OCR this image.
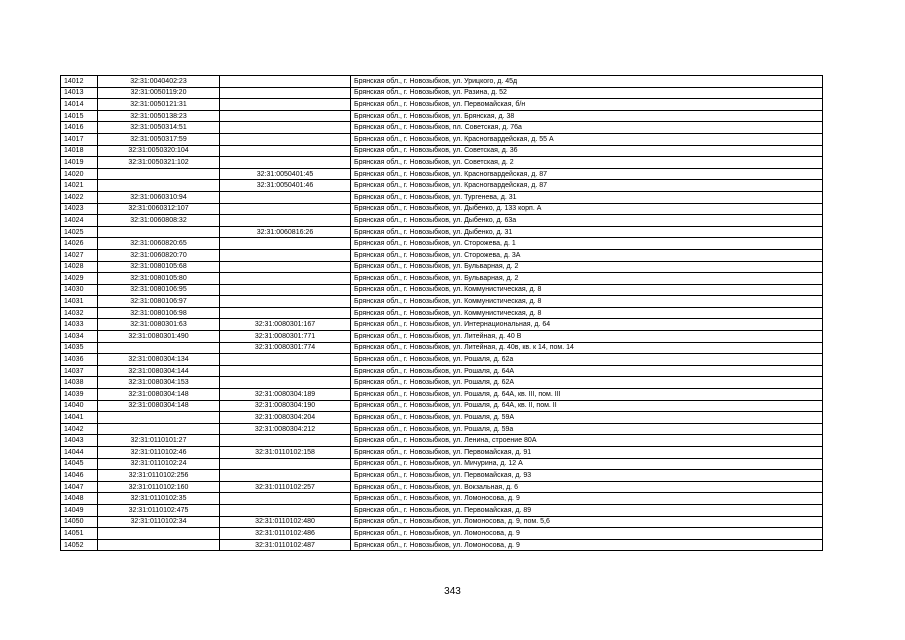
14012	32:31:0040402:23		Брянская обл., г. Новозыбков, ул. Урицкого, д. 45д
14013	32:31:0050119:20		Брянская обл., г. Новозыбков, ул. Разина, д. 52
14014	32:31:0050121:31		Брянская обл., г. Новозыбков, ул. Первомайская, б/н
14015	32:31:0050138:23		Брянская обл., г. Новозыбков, ул. Брянская, д. 38
14016	32:31:0050314:51		Брянская обл., г. Новозыбков, пл. Советская, д. 76а
14017	32:31:0050317:59		Брянская обл., г. Новозыбков, ул. Красногвардейская, д. 55 А
14018	32:31:0050320:104		Брянская обл., г. Новозыбков, ул. Советская, д. 36
14019	32:31:0050321:102		Брянская обл., г. Новозыбков, ул. Советская, д. 2
14020		32:31:0050401:45	Брянская обл., г. Новозыбков, ул. Красногвардейская, д. 87
14021		32:31:0050401:46	Брянская обл., г. Новозыбков, ул. Красногвардейская, д. 87
14022	32:31:0060310:94		Брянская обл., г. Новозыбков, ул. Тургенева, д. 31
14023	32:31:0060312:107		Брянская обл., г. Новозыбков, ул. Дыбенко, д. 133 корп. А
14024	32:31:0060808:32		Брянская обл., г. Новозыбков, ул. Дыбенко, д. 63а
14025		32:31:0060816:26	Брянская обл., г. Новозыбков, ул. Дыбенко, д. 31
14026	32:31:0060820:65		Брянская обл., г. Новозыбков, ул. Сторожева, д. 1
14027	32:31:0060820:70		Брянская обл., г. Новозыбков, ул. Сторожева, д. 3А
14028	32:31:0080105:68		Брянская обл., г. Новозыбков, ул. Бульварная, д. 2
14029	32:31:0080105:80		Брянская обл., г. Новозыбков, ул. Бульварная, д. 2
14030	32:31:0080106:95		Брянская обл., г. Новозыбков, ул. Коммунистическая, д. 8
14031	32:31:0080106:97		Брянская обл., г. Новозыбков, ул. Коммунистическая, д. 8
14032	32:31:0080106:98		Брянская обл., г. Новозыбков, ул. Коммунистическая, д. 8
14033	32:31:0080301:63	32:31:0080301:167	Брянская обл., г. Новозыбков, ул. Интернациональная, д. 64
14034	32:31:0080301:490	32:31:0080301:771	Брянская обл., г. Новозыбков, ул. Литейная, д. 40 В
14035		32:31:0080301:774	Брянская обл., г. Новозыбков, ул. Литейная, д. 40в, кв. к 14, пом. 14
14036	32:31:0080304:134		Брянская обл., г. Новозыбков, ул. Рошаля, д. 62а
14037	32:31:0080304:144		Брянская обл., г. Новозыбков, ул. Рошаля, д. 64А
14038	32:31:0080304:153		Брянская обл., г. Новозыбков, ул. Рошаля, д. 62А
14039	32:31:0080304:148	32:31:0080304:189	Брянская обл., г. Новозыбков, ул. Рошаля, д. 64А, кв. III, пом. III
14040	32:31:0080304:148	32:31:0080304:190	Брянская обл., г. Новозыбков, ул. Рошаля, д. 64А, кв. II, пом. II
14041		32:31:0080304:204	Брянская обл., г. Новозыбков, ул. Рошаля, д. 59А
14042		32:31:0080304:212	Брянская обл., г. Новозыбков, ул. Рошаля, д. 59а
14043	32:31:0110101:27		Брянская обл., г. Новозыбков, ул. Ленина, строение 80А
14044	32:31:0110102:46	32:31:0110102:158	Брянская обл., г. Новозыбков, ул. Первомайская, д. 91
14045	32:31:0110102:24		Брянская обл., г. Новозыбков, ул. Мичурина, д. 12 А
14046	32:31:0110102:256		Брянская обл., г. Новозыбков, ул. Первомайская, д. 93
14047	32:31:0110102:160	32:31:0110102:257	Брянская обл., г. Новозыбков, ул. Вокзальная, д. 6
14048	32:31:0110102:35		Брянская обл., г. Новозыбков, ул. Ломоносова, д. 9
14049	32:31:0110102:475		Брянская обл., г. Новозыбков, ул. Первомайская, д. 89
14050	32:31:0110102:34	32:31:0110102:480	Брянская обл., г. Новозыбков, ул. Ломоносова, д. 9, пом. 5,6
14051		32:31:0110102:486	Брянская обл., г. Новозыбков, ул. Ломоносова, д. 9
14052		32:31:0110102:487	Брянская обл., г. Новозыбков, ул. Ломоносова, д. 9
343
